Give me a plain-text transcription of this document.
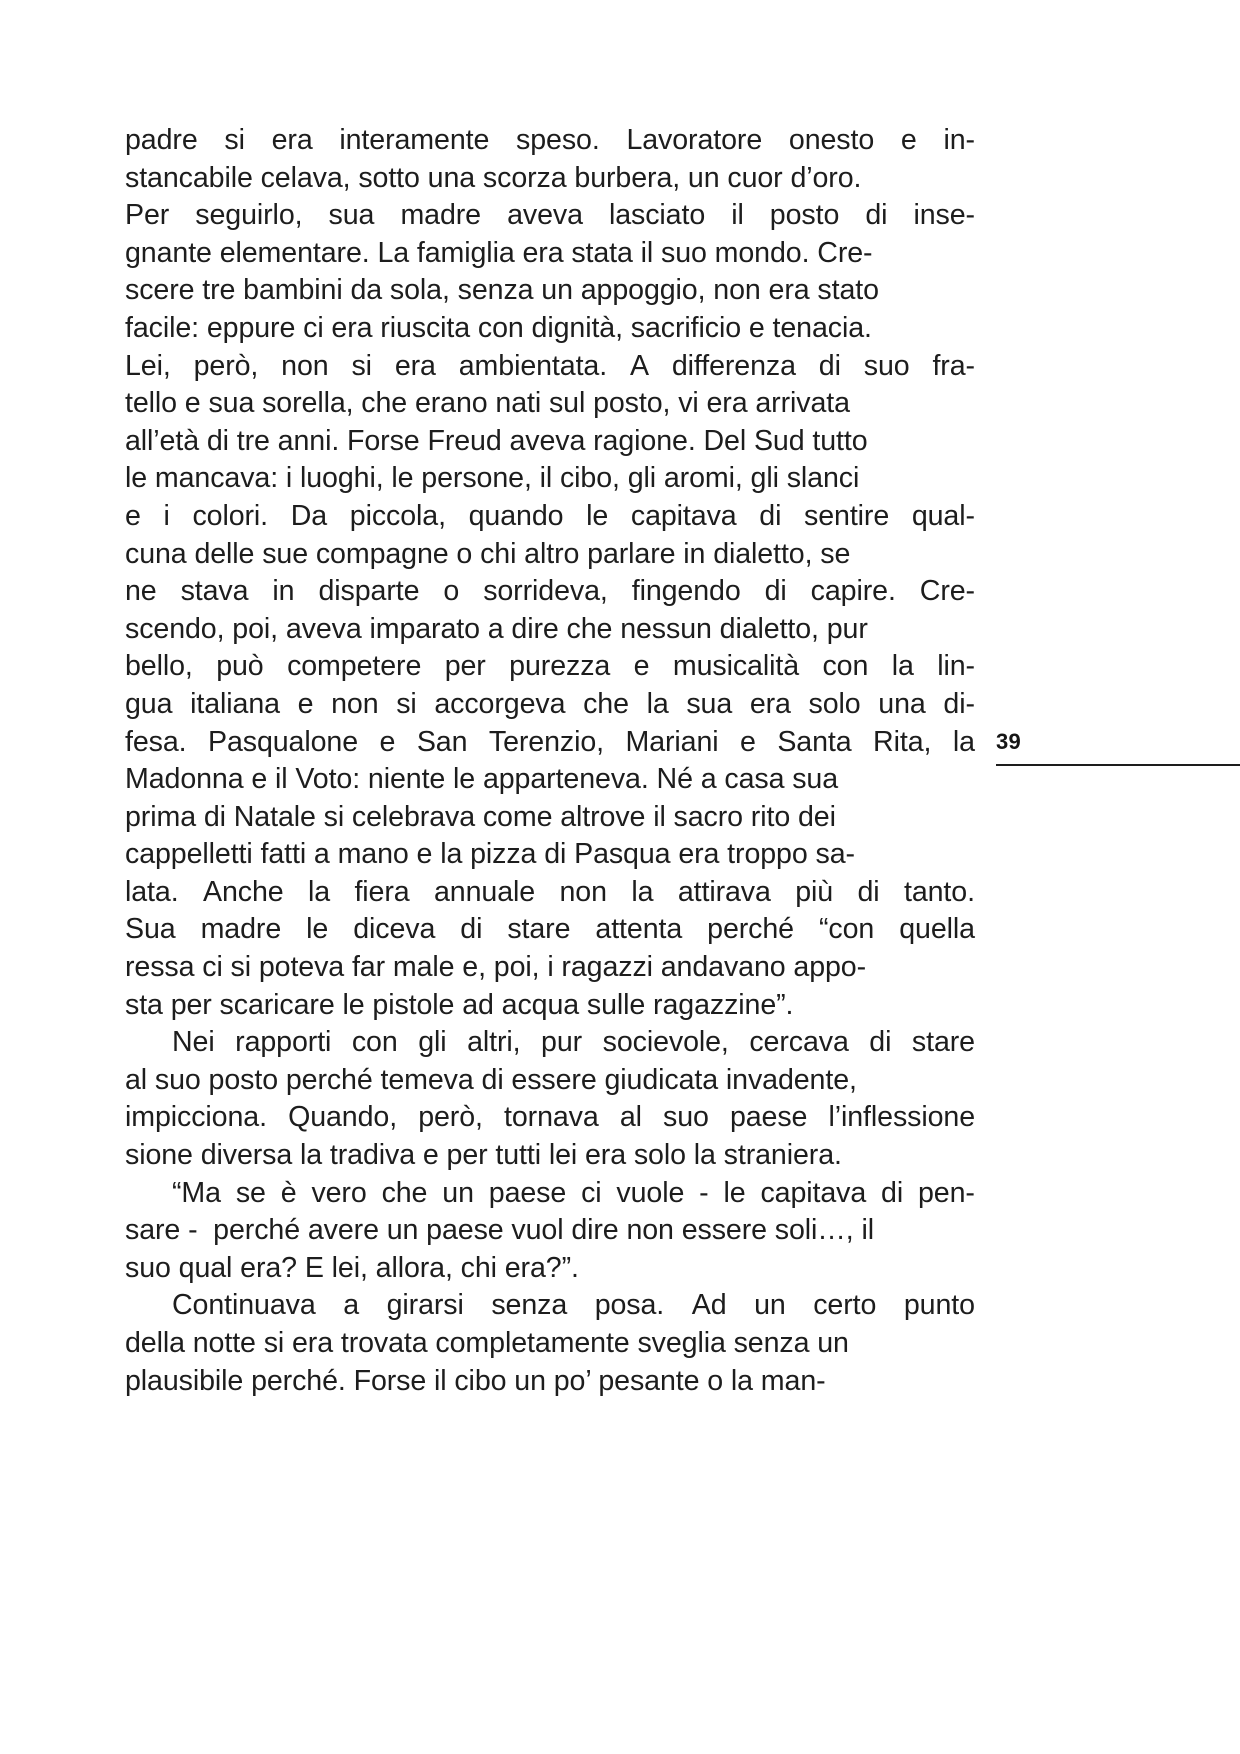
padre si era interamente speso. Lavoratore onesto e in-
stancabile celava, sotto una scorza burbera, un cuor d’oro.
Per seguirlo, sua madre aveva lasciato il posto di inse-
gnante elementare. La famiglia era stata il suo mondo. Cre-
scere tre bambini da sola, senza un appoggio, non era stato
facile: eppure ci era riuscita con dignità, sacrificio e tenacia.
Lei, però, non si era ambientata. A differenza di suo fra-
tello e sua sorella, che erano nati sul posto, vi era arrivata
all’età di tre anni. Forse Freud aveva ragione. Del Sud tutto
le mancava: i luoghi, le persone, il cibo, gli aromi, gli slanci
e i colori. Da piccola, quando le capitava di sentire qual-
cuna delle sue compagne o chi altro parlare in dialetto, se
ne stava in disparte o sorrideva, fingendo di capire. Cre-
scendo, poi, aveva imparato a dire che nessun dialetto, pur
bello, può competere per purezza e musicalità con la lin-
gua italiana e non si accorgeva che la sua era solo una di-
fesa. Pasqualone e San Terenzio, Mariani e Santa Rita, la
Madonna e il Voto: niente le apparteneva. Né a casa sua
prima di Natale si celebrava come altrove il sacro rito dei
cappelletti fatti a mano e la pizza di Pasqua era troppo sa-
lata. Anche la fiera annuale non la attirava più di tanto.
Sua madre le diceva di stare attenta perché “con quella
ressa ci si poteva far male e, poi, i ragazzi andavano appo-
sta per scaricare le pistole ad acqua sulle ragazzine”.

Nei rapporti con gli altri, pur socievole, cercava di stare
al suo posto perché temeva di essere giudicata invadente,
impicciona. Quando, però, tornava al suo paese l’inflessione
sione diversa la tradiva e per tutti lei era solo la straniera.

“Ma se è vero che un paese ci vuole - le capitava di pen-
sare -  perché avere un paese vuol dire non essere soli…, il
suo qual era? E lei, allora, chi era?”.

Continuava a girarsi senza posa. Ad un certo punto
della notte si era trovata completamente sveglia senza un
plausibile perché. Forse il cibo un po’ pesante o la man-

39
